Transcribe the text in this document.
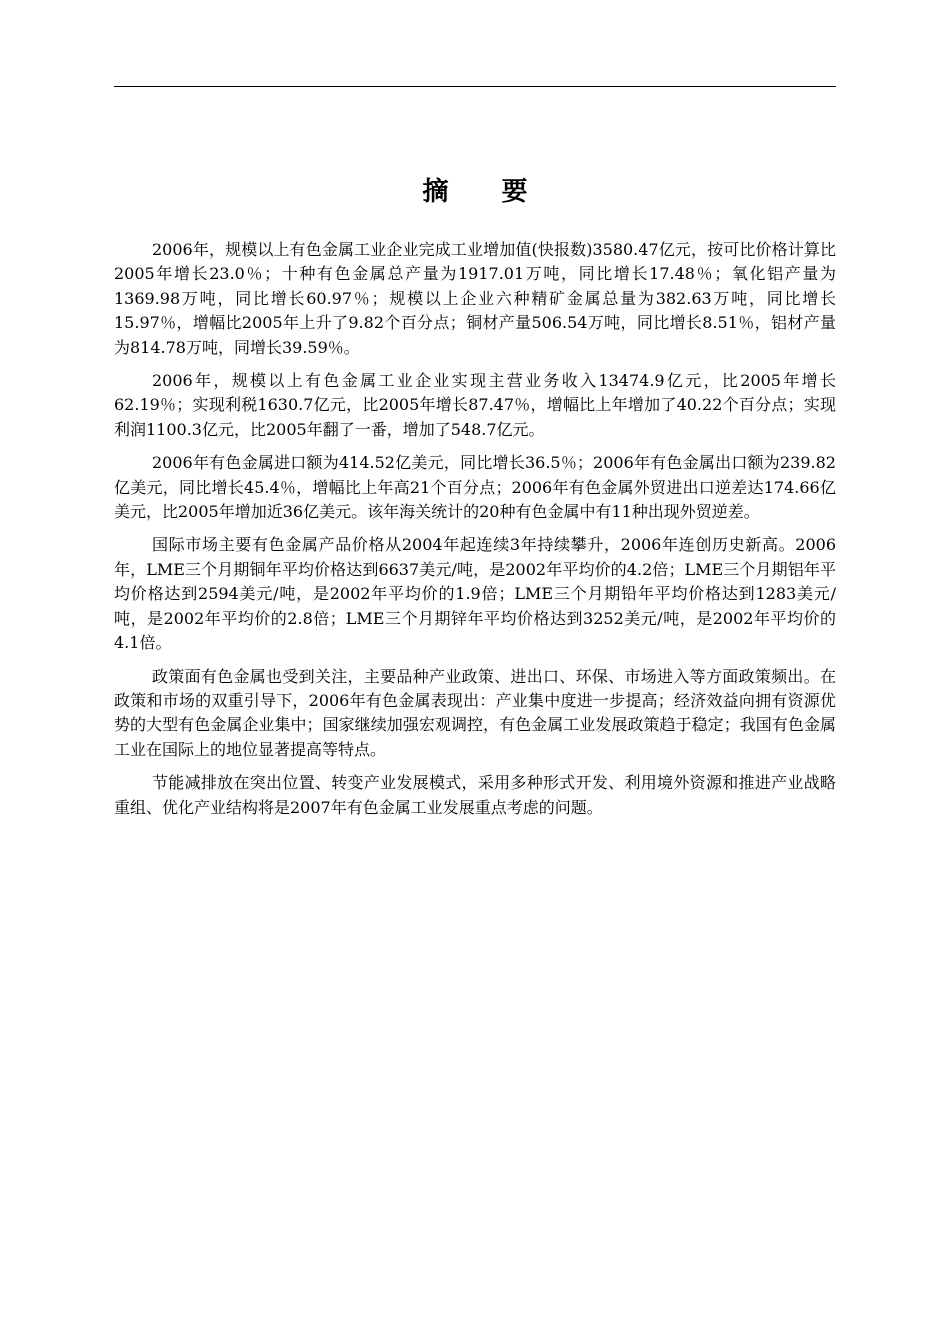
摘 要

2006年，规模以上有色金属工业企业完成工业增加值(快报数)3580.47亿元，按可比价格计算比2005年增长23.0％；十种有色金属总产量为1917.01万吨，同比增长17.48％；氧化铝产量为1369.98万吨，同比增长60.97％；规模以上企业六种精矿金属总量为382.63万吨，同比增长15.97％，增幅比2005年上升了9.82个百分点；铜材产量506.54万吨，同比增长8.51％，铝材产量为814.78万吨，同增长39.59％。

2006年，规模以上有色金属工业企业实现主营业务收入13474.9亿元，比2005年增长62.19％；实现利税1630.7亿元，比2005年增长87.47％，增幅比上年增加了40.22个百分点；实现利润1100.3亿元，比2005年翻了一番，增加了548.7亿元。

2006年有色金属进口额为414.52亿美元，同比增长36.5％；2006年有色金属出口额为239.82亿美元，同比增长45.4％，增幅比上年高21个百分点；2006年有色金属外贸进出口逆差达174.66亿美元，比2005年增加近36亿美元。该年海关统计的20种有色金属中有11种出现外贸逆差。

国际市场主要有色金属产品价格从2004年起连续3年持续攀升，2006年连创历史新高。2006年，LME三个月期铜年平均价格达到6637美元/吨，是2002年平均价的4.2倍；LME三个月期铝年平均价格达到2594美元/吨，是2002年平均价的1.9倍；LME三个月期铅年平均价格达到1283美元/吨，是2002年平均价的2.8倍；LME三个月期锌年平均价格达到3252美元/吨，是2002年平均价的4.1倍。

政策面有色金属也受到关注，主要品种产业政策、进出口、环保、市场进入等方面政策频出。在政策和市场的双重引导下，2006年有色金属表现出：产业集中度进一步提高；经济效益向拥有资源优势的大型有色金属企业集中；国家继续加强宏观调控，有色金属工业发展政策趋于稳定；我国有色金属工业在国际上的地位显著提高等特点。

节能减排放在突出位置、转变产业发展模式，采用多种形式开发、利用境外资源和推进产业战略重组、优化产业结构将是2007年有色金属工业发展重点考虑的问题。
